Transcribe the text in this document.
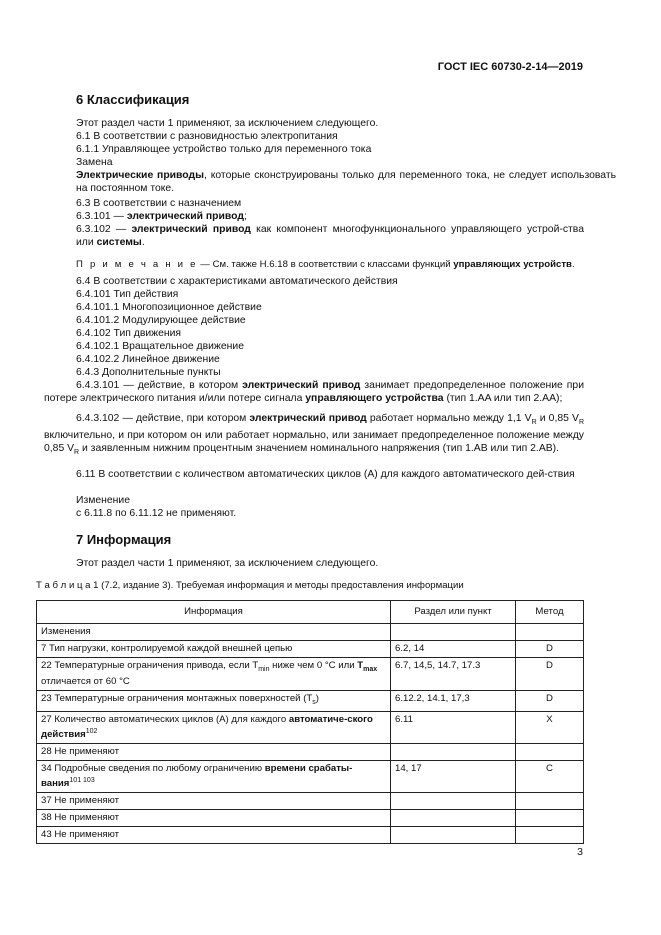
ГОСТ IEC 60730-2-14—2019
6 Классификация
Этот раздел части 1 применяют, за исключением следующего.
6.1 В соответствии с разновидностью электропитания
6.1.1 Управляющее устройство только для переменного тока
Замена
Электрические приводы, которые сконструированы только для переменного тока, не следует использовать на постоянном токе.
6.3 В соответствии с назначением
6.3.101 — электрический привод;
6.3.102 — электрический привод как компонент многофункционального управляющего устрой-ства или системы.
П р и м е ч а н и е — См. также H.6.18 в соответствии с классами функций управляющих устройств.
6.4 В соответствии с характеристиками автоматического действия
6.4.101 Тип действия
6.4.101.1 Многопозиционное действие
6.4.101.2 Модулирующее действие
6.4.102 Тип движения
6.4.102.1 Вращательное движение
6.4.102.2 Линейное движение
6.4.3 Дополнительные пункты
6.4.3.101 — действие, в котором электрический привод занимает предопределенное положение при потере электрического питания и/или потере сигнала управляющего устройства (тип 1.AA или тип 2.AA);
6.4.3.102 — действие, при котором электрический привод работает нормально между 1,1 $V_R$ и 0,85 $V_R$ включительно, и при котором он или работает нормально, или занимает предопределенное положение между 0,85 $V_R$ и заявленным нижним процентным значением номинального напряжения (тип 1.AB или тип 2.AB).
6.11 В соответствии с количеством автоматических циклов (А) для каждого автоматического дей-ствия
Изменение
с 6.11.8 по 6.11.12 не применяют.
7 Информация
Этот раздел части 1 применяют, за исключением следующего.
Т а б л и ц а 1 (7.2, издание 3). Требуемая информация и методы предоставления информации
Информация	Раздел или пункт	Метод
Изменения		
7 Тип нагрузки, контролируемой каждой внешней цепью	6.2, 14	D
22 Температурные ограничения привода, если $T_{min}$ ниже чем 0 °С или $T_{max}$ отличается от 60 °С	6.7, 14,5, 14.7, 17.3	D
23 Температурные ограничения монтажных поверхностей $(T_s)$	6.12.2, 14.1, 17,3	D
27 Количество автоматических циклов (А) для каждого автоматиче-ского действия$^{102}$	6.11	X
28 Не применяют		
34 Подробные сведения по любому ограничению времени срабаты-вания$^{101 103}$	14, 17	C
37 Не применяют		
38 Не применяют		
43 Не применяют		
3
